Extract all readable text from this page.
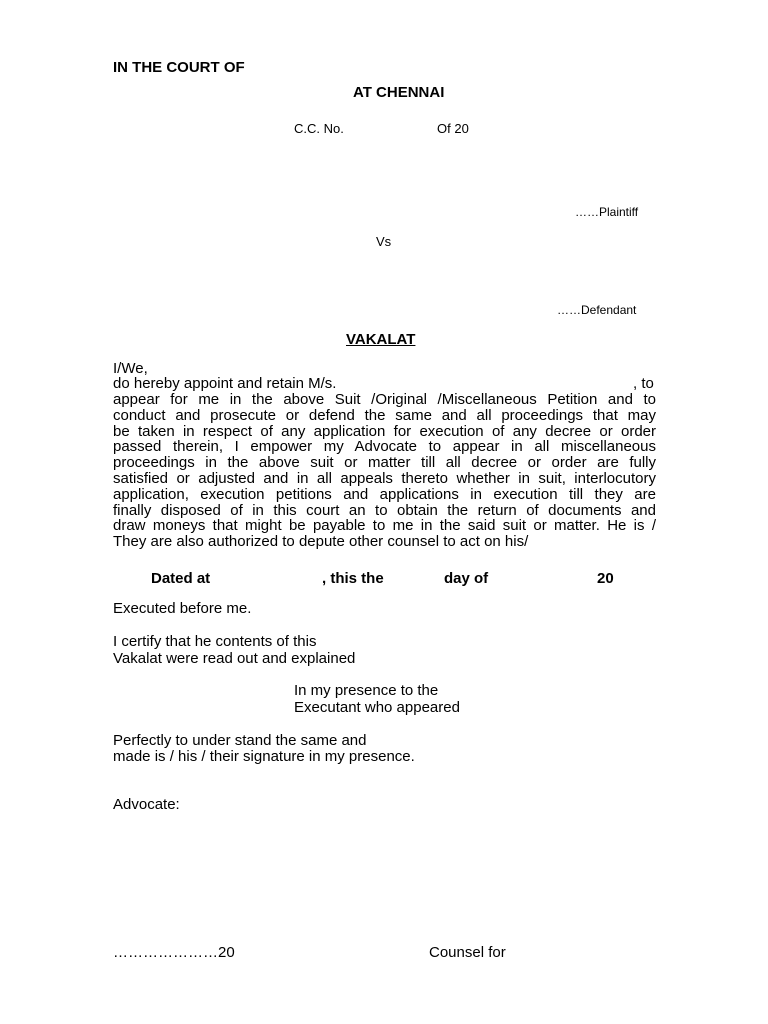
IN THE COURT OF
AT CHENNAI
C.C. No.	Of 20
……Plaintiff
Vs
……Defendant
VAKALAT
I/We,
do hereby appoint and retain M/s.	, to
appear for me in the above Suit /Original /Miscellaneous Petition and to
conduct and prosecute or defend the same and all proceedings that may
be taken in respect of any application for execution of any decree or order
passed therein, I empower my Advocate to appear in all miscellaneous
proceedings in the above suit or matter till all decree or order are fully
satisfied or adjusted and in all appeals thereto whether in suit, interlocutory
application, execution petitions and applications in execution till they are
finally disposed of in this court an to obtain the return of documents and
draw moneys that might be payable to me in the said suit or matter. He is /
They are also authorized to depute other counsel to act on his/
Dated at	, this the	day of	20
Executed before me.
I certify that he contents of this
Vakalat were read out and explained
In my presence to the
Executant who appeared
Perfectly to under stand the same and
made is / his / their signature in my presence.
Advocate:
…………………20	Counsel for
